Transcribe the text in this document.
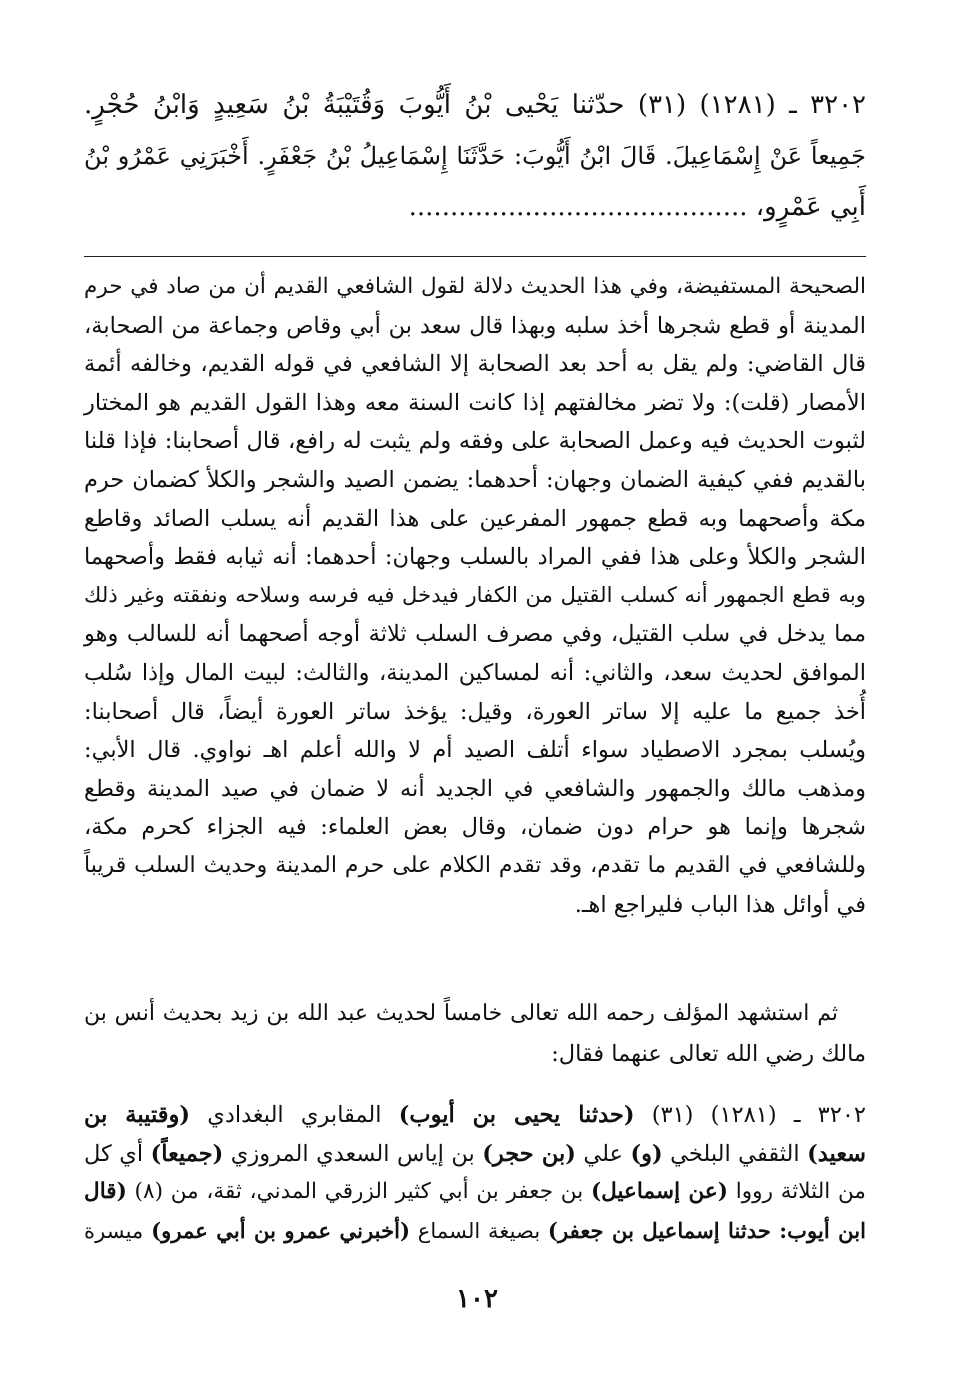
٣٢٠٢ ـ (١٢٨١) (٣١) حدّثنا يَحْيى بْنُ أَيُّوبَ وَقُتَيْبَةُ بْنُ سَعِيدٍ وَابْنُ حُجْرٍ.
جَمِيعاً عَنْ إِسْمَاعِيلَ. قَالَ ابْنُ أَيُّوبَ: حَدَّثَنَا إِسْمَاعِيلُ بْنُ جَعْفَرٍ. أَخْبَرَنِي عَمْرُو بْنُ
أَبِي عَمْرٍو، .........................................
الصحيحة المستفيضة، وفي هذا الحديث دلالة لقول الشافعي القديم أن من صاد في حرم
المدينة أو قطع شجرها أخذ سلبه وبهذا قال سعد بن أبي وقاص وجماعة من الصحابة،
قال القاضي: ولم يقل به أحد بعد الصحابة إلا الشافعي في قوله القديم، وخالفه أئمة
الأمصار (قلت): ولا تضر مخالفتهم إذا كانت السنة معه وهذا القول القديم هو المختار
لثبوت الحديث فيه وعمل الصحابة على وفقه ولم يثبت له رافع، قال أصحابنا: فإذا قلنا
بالقديم ففي كيفية الضمان وجهان: أحدهما: يضمن الصيد والشجر والكلأ كضمان حرم
مكة وأصحهما وبه قطع جمهور المفرعين على هذا القديم أنه يسلب الصائد وقاطع
الشجر والكلأ وعلى هذا ففي المراد بالسلب وجهان: أحدهما: أنه ثيابه فقط وأصحهما
وبه قطع الجمهور أنه كسلب القتيل من الكفار فيدخل فيه فرسه وسلاحه ونفقته وغير ذلك
مما يدخل في سلب القتيل، وفي مصرف السلب ثلاثة أوجه أصحهما أنه للسالب وهو
الموافق لحديث سعد، والثاني: أنه لمساكين المدينة، والثالث: لبيت المال وإذا سُلب
أُخذ جميع ما عليه إلا ساتر العورة، وقيل: يؤخذ ساتر العورة أيضاً، قال أصحابنا:
ويُسلب بمجرد الاصطياد سواء أتلف الصيد أم لا والله أعلم اهـ نواوي. قال الأبي:
ومذهب مالك والجمهور والشافعي في الجديد أنه لا ضمان في صيد المدينة وقطع
شجرها وإنما هو حرام دون ضمان، وقال بعض العلماء: فيه الجزاء كحرم مكة،
وللشافعي في القديم ما تقدم، وقد تقدم الكلام على حرم المدينة وحديث السلب قريباً
في أوائل هذا الباب فليراجع اهـ.
ثم استشهد المؤلف رحمه الله تعالى خامساً لحديث عبد الله بن زيد بحديث أنس بن
مالك رضي الله تعالى عنهما فقال:
٣٢٠٢ ـ (١٢٨١) (٣١) (حدثنا يحيى بن أيوب) المقابري البغدادي (وقتيبة بن
سعيد) الثقفي البلخي (و) علي (بن حجر) بن إياس السعدي المروزي (جميعاً) أي كل
من الثلاثة رووا (عن إسماعيل) بن جعفر بن أبي كثير الزرقي المدني، ثقة، من (٨) (قال
ابن أيوب: حدثنا إسماعيل بن جعفر) بصيغة السماع (أخبرني عمرو بن أبي عمرو) ميسرة
١٠٢
